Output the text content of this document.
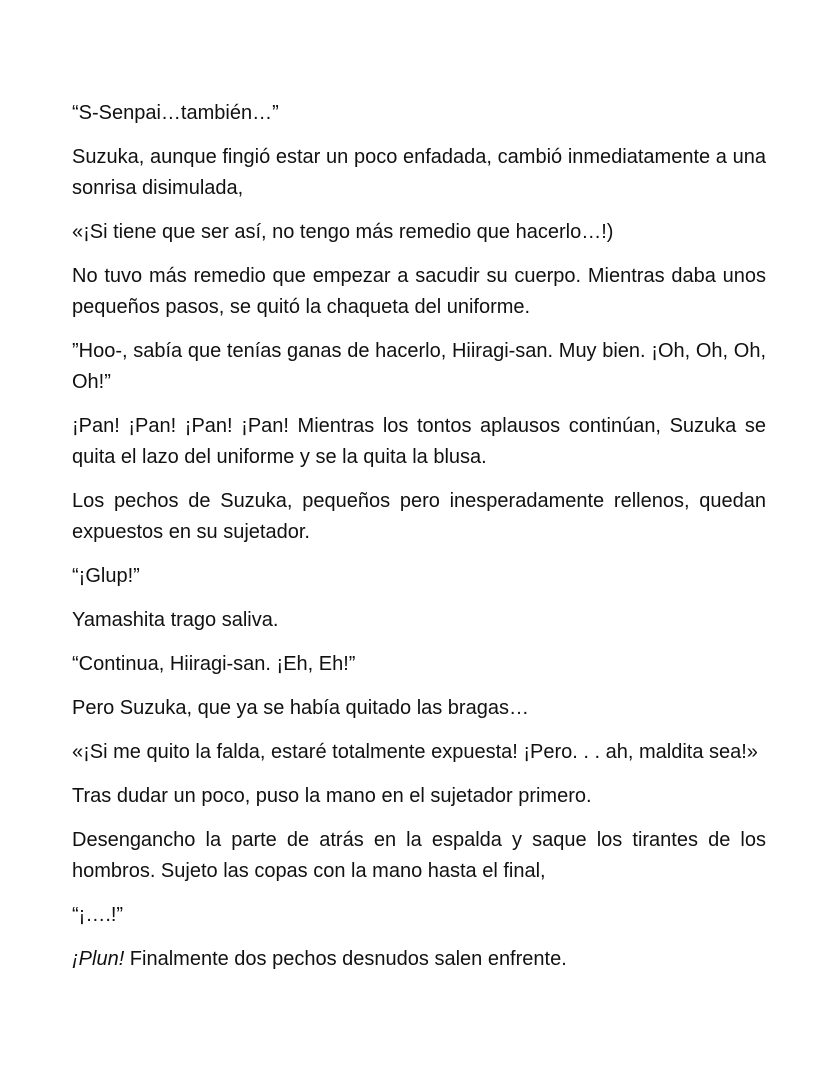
“S-Senpai…también…”

Suzuka, aunque fingió estar un poco enfadada, cambió inmediatamente a una sonrisa disimulada,

«¡Si tiene que ser así, no tengo más remedio que hacerlo…!)

No tuvo más remedio que empezar a sacudir su cuerpo. Mientras daba unos pequeños pasos, se quitó la chaqueta del uniforme.

”Hoo-, sabía que tenías ganas de hacerlo, Hiiragi-san. Muy bien. ¡Oh, Oh, Oh, Oh!”

¡Pan! ¡Pan! ¡Pan! ¡Pan! Mientras los tontos aplausos continúan, Suzuka se quita el lazo del uniforme y se la quita la blusa.

Los pechos de Suzuka, pequeños pero inesperadamente rellenos, quedan expuestos en su sujetador.

“¡Glup!”

Yamashita trago saliva.

“Continua, Hiiragi-san. ¡Eh, Eh!”

Pero Suzuka, que ya se había quitado las bragas…

«¡Si me quito la falda, estaré totalmente expuesta! ¡Pero. . . ah, maldita sea!»

Tras dudar un poco, puso la mano en el sujetador primero.

Desengancho la parte de atrás en la espalda y saque los tirantes de los hombros. Sujeto las copas con la mano hasta el final,

“¡….!”

¡Plun! Finalmente dos pechos desnudos salen enfrente.
